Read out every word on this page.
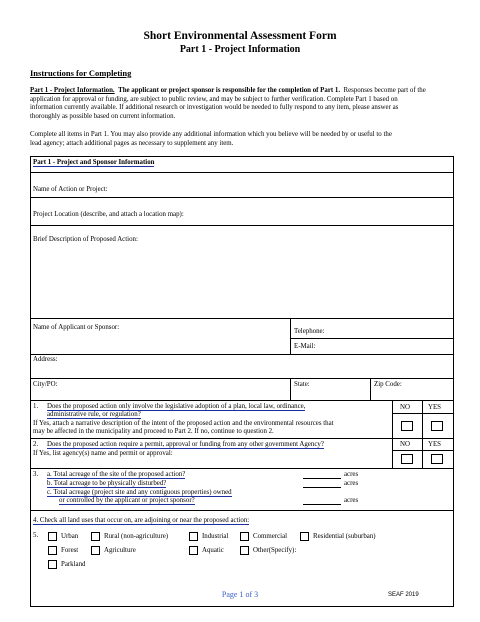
Short Environmental Assessment Form
Part 1 - Project Information
Instructions for Completing
Part 1 - Project Information. The applicant or project sponsor is responsible for the completion of Part 1. Responses become part of the
application for approval or funding, are subject to public review, and may be subject to further verification. Complete Part 1 based on
information currently available. If additional research or investigation would be needed to fully respond to any item, please answer as
thoroughly as possible based on current information.
Complete all items in Part 1. You may also provide any additional information which you believe will be needed by or useful to the
lead agency; attach additional pages as necessary to supplement any item.
Part 1 - Project and Sponsor Information
Name of Action or Project:
Project Location (describe, and attach a location map):
Brief Description of Proposed Action:
Name of Applicant or Sponsor:
Telephone:
E-Mail:
Address:
City/PO:	State:	Zip Code:
1. Does the proposed action only involve the legislative adoption of a plan, local law, ordinance,
administrative rule, or regulation?
If Yes, attach a narrative description of the intent of the proposed action and the environmental resources that
may be affected in the municipality and proceed to Part 2. If no, continue to question 2.
NO	YES
2. Does the proposed action require a permit, approval or funding from any other government Agency?
If Yes, list agency(s) name and permit or approval:
NO	YES
3. a. Total acreage of the site of the proposed action?
b. Total acreage to be physically disturbed?
c. Total acreage (project site and any contiguous properties) owned
or controlled by the applicant or project sponsor?
acres
acres
acres
4. Check all land uses that occur on, are adjoining or near the proposed action:
5.	Urban	Rural (non-agriculture)	Industrial	Commercial	Residential (suburban)
Forest	Agriculture	Aquatic	Other(Specify):
Parkland
Page 1 of 3	SEAF 2019
